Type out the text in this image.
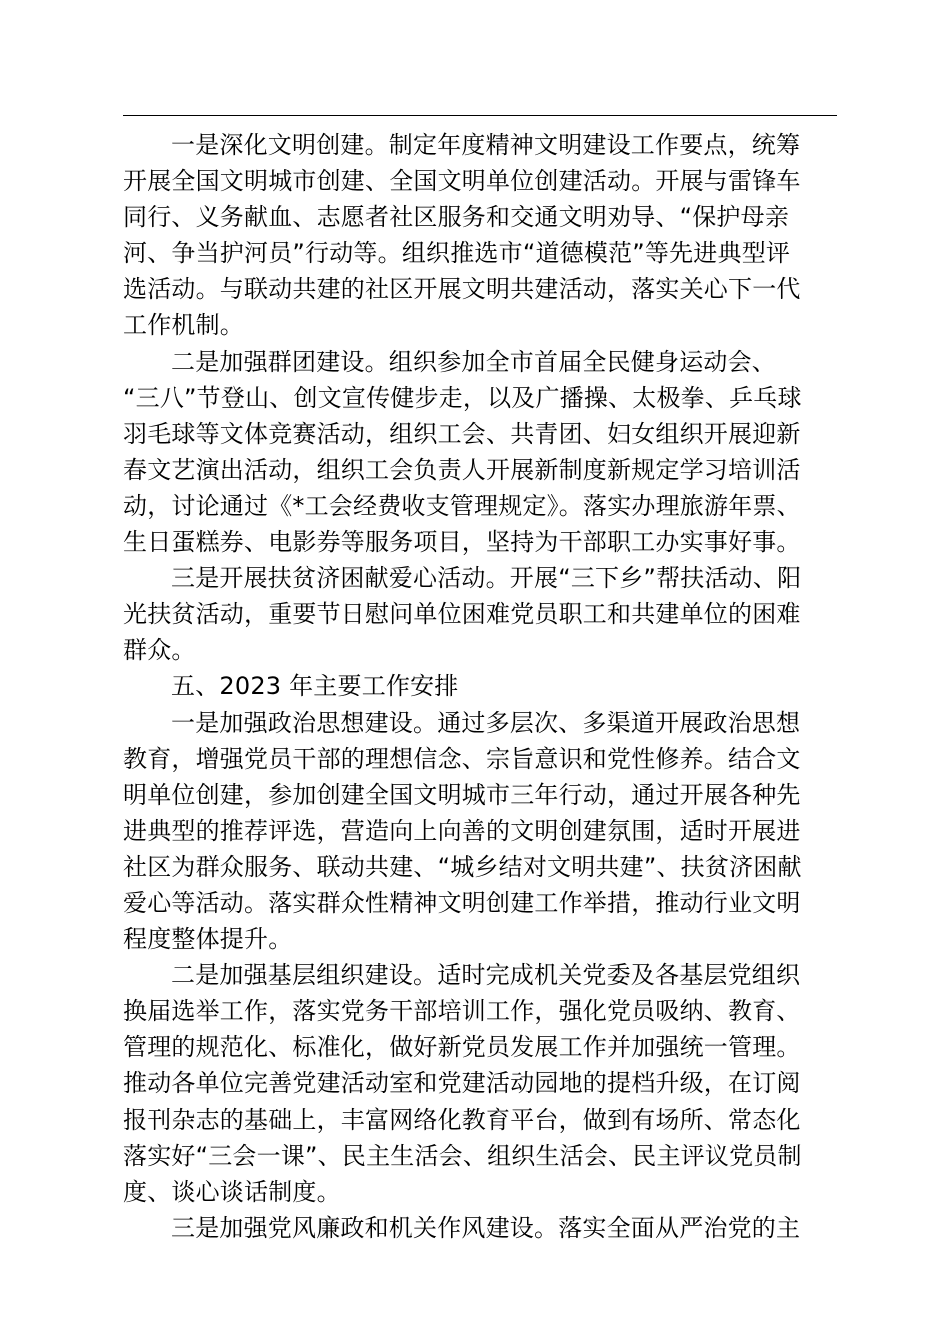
一是深化文明创建。制定年度精神文明建设工作要点，统筹
开展全国文明城市创建、全国文明单位创建活动。开展与雷锋车
同行、义务献血、志愿者社区服务和交通文明劝导、“保护母亲
河、争当护河员”行动等。组织推选市“道德模范”等先进典型评
选活动。与联动共建的社区开展文明共建活动，落实关心下一代
工作机制。
二是加强群团建设。组织参加全市首届全民健身运动会、
“三八”节登山、创文宣传健步走，以及广播操、太极拳、乒乓球
羽毛球等文体竞赛活动，组织工会、共青团、妇女组织开展迎新
春文艺演出活动，组织工会负责人开展新制度新规定学习培训活
动，讨论通过《*工会经费收支管理规定》。落实办理旅游年票、
生日蛋糕券、电影券等服务项目，坚持为干部职工办实事好事。
三是开展扶贫济困献爱心活动。开展“三下乡”帮扶活动、阳
光扶贫活动，重要节日慰问单位困难党员职工和共建单位的困难
群众。
五、2023 年主要工作安排
一是加强政治思想建设。通过多层次、多渠道开展政治思想
教育，增强党员干部的理想信念、宗旨意识和党性修养。结合文
明单位创建，参加创建全国文明城市三年行动，通过开展各种先
进典型的推荐评选，营造向上向善的文明创建氛围，适时开展进
社区为群众服务、联动共建、“城乡结对文明共建”、扶贫济困献
爱心等活动。落实群众性精神文明创建工作举措，推动行业文明
程度整体提升。
二是加强基层组织建设。适时完成机关党委及各基层党组织
换届选举工作，落实党务干部培训工作，强化党员吸纳、教育、
管理的规范化、标准化，做好新党员发展工作并加强统一管理。
推动各单位完善党建活动室和党建活动园地的提档升级，在订阅
报刊杂志的基础上，丰富网络化教育平台，做到有场所、常态化
落实好“三会一课”、民主生活会、组织生活会、民主评议党员制
度、谈心谈话制度。
三是加强党风廉政和机关作风建设。落实全面从严治党的主
